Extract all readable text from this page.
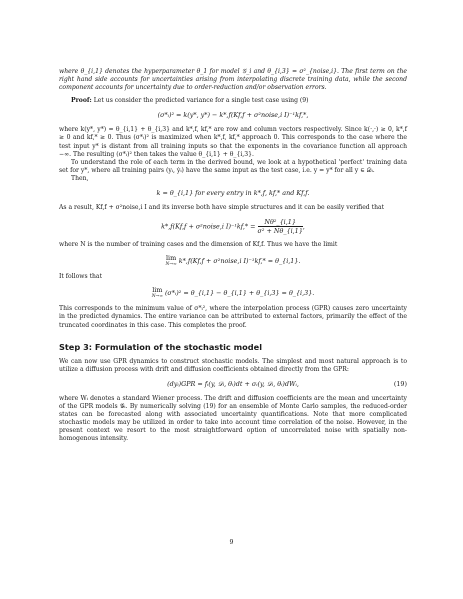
where θ_{i,1} denotes the hyperparameter θ_1 for model 𝒢_i and θ_{i,3} = σ²_{noise,i}. The first term on the right hand side accounts for uncertainties arising from interpolating discrete training data, while the second component accounts for uncertainty due to order-reduction and/or observation errors.

Proof: Let us consider the predicted variance for a single test case using (9)

(σ*ᵢ)² = k(y*, y*) − k*,f(Kf,f + σ²noise,i I)⁻¹kf,*,

where k(y*, y*) = θ_{i,1} + θ_{i,3} and k*,f, kf,* are row and column vectors respectively. Since k(·,·) ≥ 0, k*,f ≥ 0 and kf,* ≥ 0. Thus (σ*ᵢ)² is maximized when k*,f, kf,* approach 0. This corresponds to the case where the test input y* is distant from all training inputs so that the exponents in the covariance function all approach −∞. The resulting (σ*ᵢ)² then takes the value θ_{i,1} + θ_{i,3}.

To understand the role of each term in the derived bound, we look at a hypothetical 'perfect' training data set for y*, where all training pairs (yᵢ, ẏᵢ) have the same input as the test case, i.e. y = y* for all y ∈ 𝒟ᵢ.

Then,

k = θ_{i,1} for every entry in k*,f, kf,* and Kf,f.

As a result, Kf,f + σ²noise,i I and its inverse both have simple structures and it can be easily verified that

k*,f(Kf,f + σ²noise,i $I)^{-1}kf,* = \frac{\text{Nθ²\_\{i,1\}}}{\text{σ² + Nθ\_\{i,1\}}}$ ,

where N is the number of training cases and the dimension of Kf,f. Thus we have the limit

lim
N→∞ k*,f(Kf,f + σ²noise,i I)⁻¹kf,* = θ_{i,1}.

It follows that

lim
N→∞ (σ*ᵢ)² = θ_{i,1} − θ_{i,1} + θ_{i,3} = θ_{i,3}.

This corresponds to the minimum value of σ*ᵢ², where the interpolation process (GPR) causes zero uncertainty in the predicted dynamics. The entire variance can be attributed to external factors, primarily the effect of the truncated coordinates in this case. This completes the proof.

Step 3: Formulation of the stochastic model

We can now use GPR dynamics to construct stochastic models. The simplest and most natural approach is to utilize a diffusion process with drift and diffusion coefficients obtained directly from the GPR:

(dyᵢ)GPR = fᵢ(y, 𝒟ᵢ, θᵢ)dt + σᵢ(y, 𝒟ᵢ, θᵢ)dWᵢ,	(19)

where Wᵢ denotes a standard Wiener process. The drift and diffusion coefficients are the mean and uncertainty of the GPR models 𝒢ᵢ. By numerically solving (19) for an ensemble of Monte Carlo samples, the reduced-order states can be forecasted along with associated uncertainty quantifications. Note that more complicated stochastic models may be utilized in order to take into account time correlation of the noise. However, in the present context we resort to the most straightforward option of uncorrelated noise with spatially non-homogenous intensity.

9
